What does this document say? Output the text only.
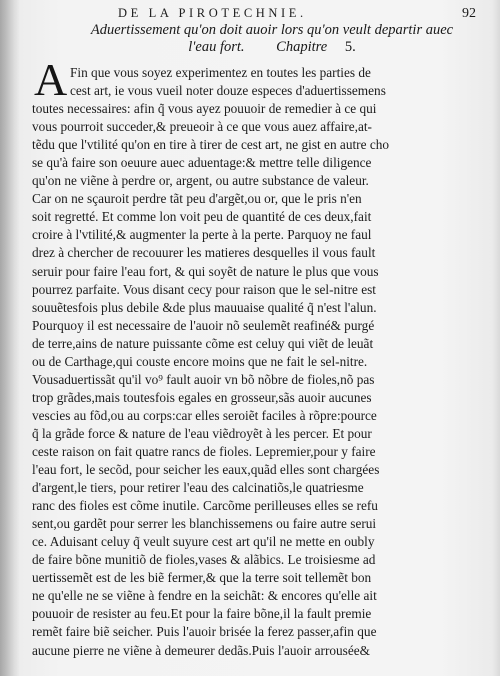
DE LA PIROTECHNIE.	92
Aduertissement qu'on doit auoir lors qu'on veult departir auec
l'eau fort. Chapitre 5.
A Fin que vous soyez experimentez en toutes les parties de
cest art, ie vous vueil noter douze especes d'aduertissemens
toutes necessaires: afin q̃ vous ayez pouuoir de remedier à ce qui
vous pourroit succeder,& preueoir à ce que vous auez affaire,at-
tẽdu que l'vtilité qu'on en tire à tirer de cest art, ne gist en autre cho
se qu'à faire son oeuure auec aduentage:& mettre telle diligence
qu'on ne viẽne à perdre or, argent, ou autre substance de valeur.
Car on ne sçauroit perdre tãt peu d'argẽt,ou or, que le pris n'en
soit regretté. Et comme lon voit peu de quantité de ces deux,fait
croire à l'vtilité,& augmenter la perte à la perte. Parquoy ne faul
drez à chercher de recouurer les matieres desquelles il vous fault
seruir pour faire l'eau fort, & qui soyẽt de nature le plus que vous
pourrez parfaite. Vous disant cecy pour raison que le sel-nitre est
souuẽtesfois plus debile &de plus mauuaise qualité q̃ n'est l'alun.
Pourquoy il est necessaire de l'auoir nõ seulemẽt reafiné& purgé
de terre,ains de nature puissante cõme est celuy qui viẽt de leuãt
ou de Carthage,qui couste encore moins que ne fait le sel-nitre.
Vousaduertissãt qu'il vo⁹ fault auoir vn bõ nõbre de fioles,nõ pas
trop grãdes,mais toutesfois egales en grosseur,sãs auoir aucunes
vescies au fõd,ou au corps:car elles seroiẽt faciles à rõpre:pource
q̃ la grãde force & nature de l'eau viẽdroyẽt à les percer. Et pour
ceste raison on fait quatre rancs de fioles. Lepremier,pour y faire
l'eau fort, le secõd, pour seicher les eaux,quãd elles sont chargées
d'argent,le tiers, pour retirer l'eau des calcinatiõs,le quatriesme
ranc des fioles est cõme inutile. Carcõme perilleuses elles se refu
sent,ou gardẽt pour serrer les blanchissemens ou faire autre serui
ce. Aduisant celuy q̃ veult suyure cest art qu'il ne mette en oubly
de faire bõne munitiõ de fioles,vases & alãbics. Le troisiesme ad
uertissemẽt est de les biẽ fermer,& que la terre soit tellemẽt bon
ne qu'elle ne se viẽne à fendre en la seichãt: & encores qu'elle ait
pouuoir de resister au feu.Et pour la faire bõne,il la fault premie
remẽt faire biẽ seicher. Puis l'auoir brisée la ferez passer,afin que
aucune pierre ne viẽne à demeurer dedãs.Puis l'auoir arrousée&
